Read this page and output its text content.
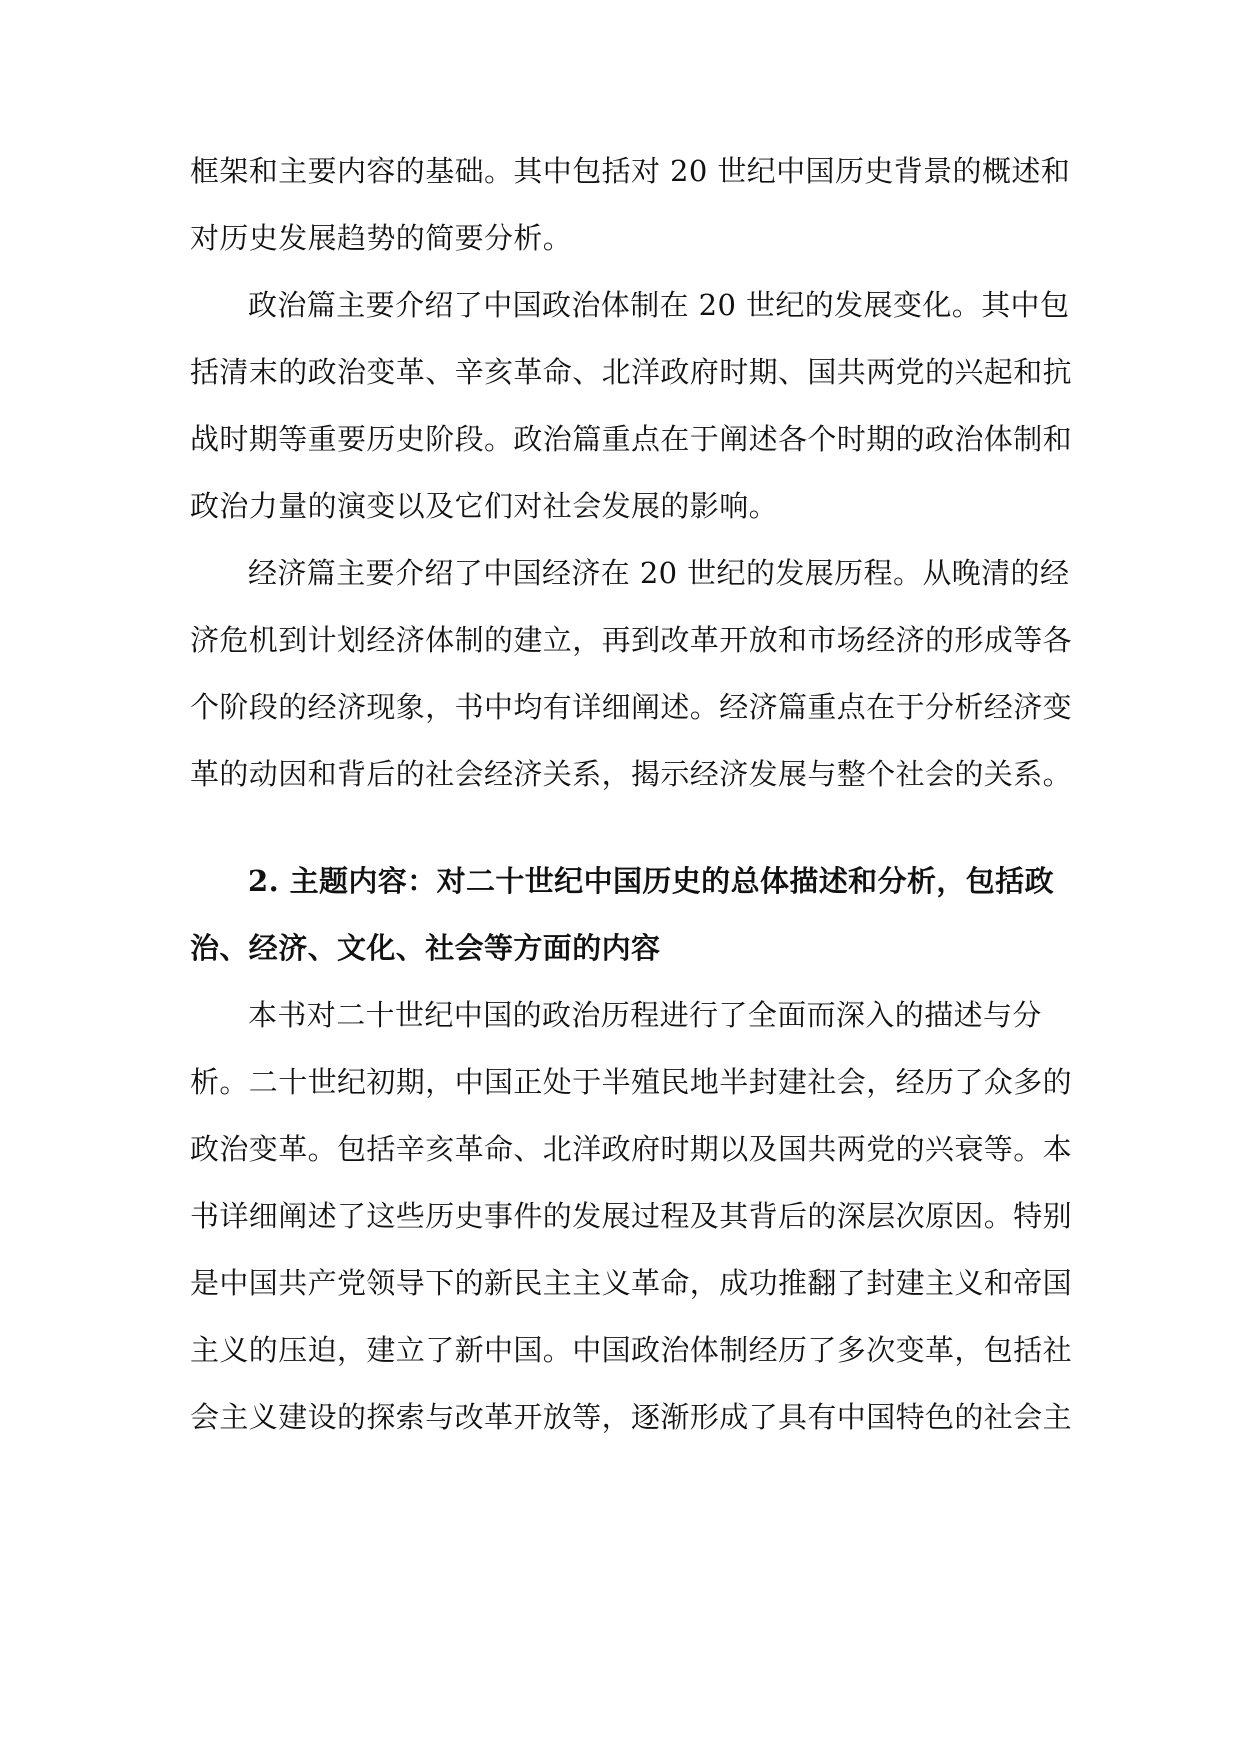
框架和主要内容的基础。其中包括对 20 世纪中国历史背景的概述和
对历史发展趋势的简要分析。
政治篇主要介绍了中国政治体制在 20 世纪的发展变化。其中包
括清末的政治变革、辛亥革命、北洋政府时期、国共两党的兴起和抗
战时期等重要历史阶段。政治篇重点在于阐述各个时期的政治体制和
政治力量的演变以及它们对社会发展的影响。
经济篇主要介绍了中国经济在 20 世纪的发展历程。从晚清的经
济危机到计划经济体制的建立，再到改革开放和市场经济的形成等各
个阶段的经济现象，书中均有详细阐述。经济篇重点在于分析经济变
革的动因和背后的社会经济关系，揭示经济发展与整个社会的关系。
2. 主题内容：对二十世纪中国历史的总体描述和分析，包括政
治、经济、文化、社会等方面的内容
本书对二十世纪中国的政治历程进行了全面而深入的描述与分
析。二十世纪初期，中国正处于半殖民地半封建社会，经历了众多的
政治变革。包括辛亥革命、北洋政府时期以及国共两党的兴衰等。本
书详细阐述了这些历史事件的发展过程及其背后的深层次原因。特别
是中国共产党领导下的新民主主义革命，成功推翻了封建主义和帝国
主义的压迫，建立了新中国。中国政治体制经历了多次变革，包括社
会主义建设的探索与改革开放等，逐渐形成了具有中国特色的社会主
